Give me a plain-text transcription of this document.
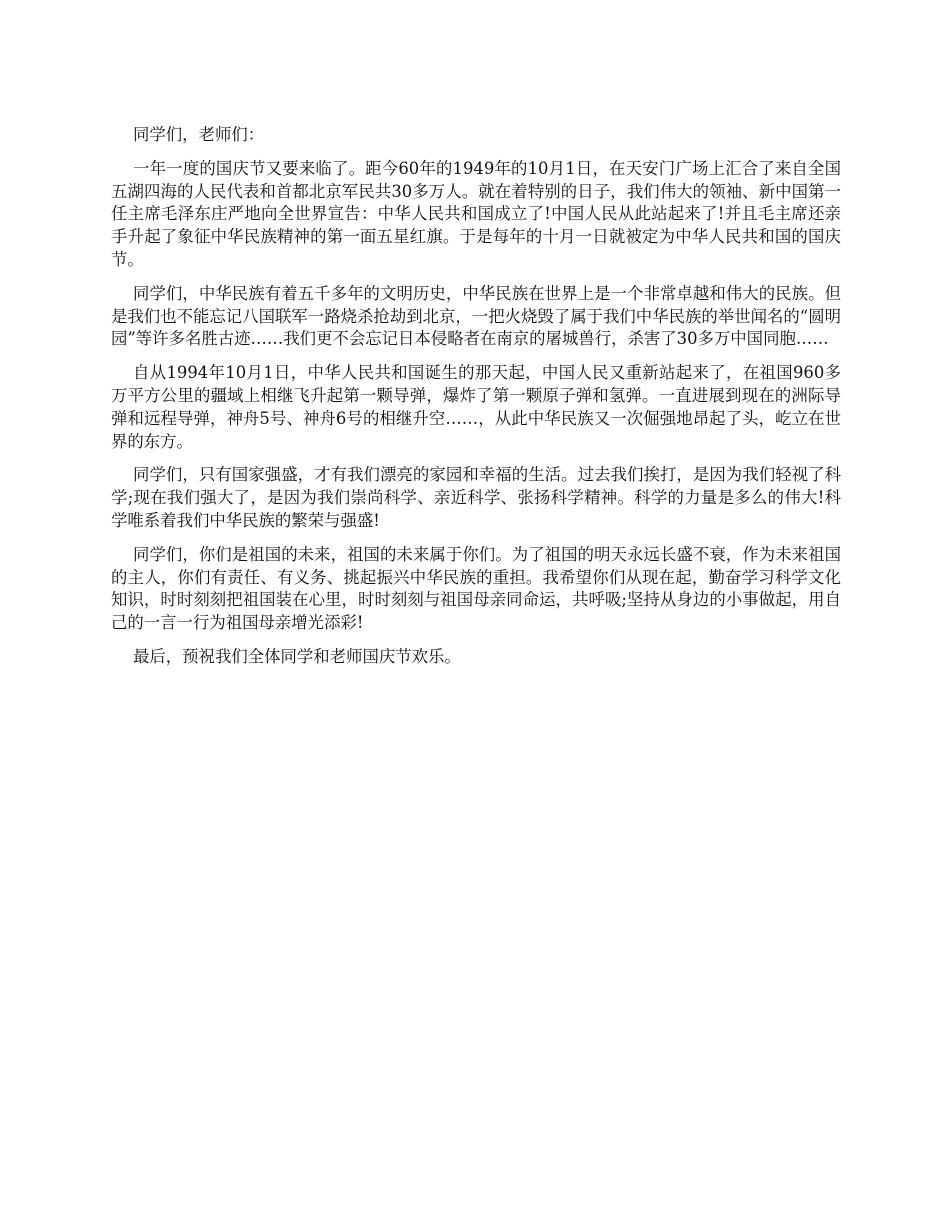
同学们，老师们：

一年一度的国庆节又要来临了。距今60年的1949年的10月1日，在天安门广场上汇合了来自全国五湖四海的人民代表和首都北京军民共30多万人。就在着特别的日子，我们伟大的领袖、新中国第一任主席毛泽东庄严地向全世界宣告：中华人民共和国成立了!中国人民从此站起来了!并且毛主席还亲手升起了象征中华民族精神的第一面五星红旗。于是每年的十月一日就被定为中华人民共和国的国庆节。

同学们，中华民族有着五千多年的文明历史，中华民族在世界上是一个非常卓越和伟大的民族。但是我们也不能忘记八国联军一路烧杀抢劫到北京，一把火烧毁了属于我们中华民族的举世闻名的“圆明园”等许多名胜古迹……我们更不会忘记日本侵略者在南京的屠城兽行，杀害了30多万中国同胞……

自从1994年10月1日，中华人民共和国诞生的那天起，中国人民又重新站起来了，在祖国960多万平方公里的疆域上相继飞升起第一颗导弹，爆炸了第一颗原子弹和氢弹。一直进展到现在的洲际导弹和远程导弹，神舟5号、神舟6号的相继升空……，从此中华民族又一次倔强地昂起了头，屹立在世界的东方。

同学们，只有国家强盛，才有我们漂亮的家园和幸福的生活。过去我们挨打，是因为我们轻视了科学;现在我们强大了，是因为我们崇尚科学、亲近科学、张扬科学精神。科学的力量是多么的伟大!科学唯系着我们中华民族的繁荣与强盛!

同学们，你们是祖国的未来，祖国的未来属于你们。为了祖国的明天永远长盛不衰，作为未来祖国的主人，你们有责任、有义务、挑起振兴中华民族的重担。我希望你们从现在起，勤奋学习科学文化知识，时时刻刻把祖国装在心里，时时刻刻与祖国母亲同命运，共呼吸;坚持从身边的小事做起，用自己的一言一行为祖国母亲增光添彩!

最后，预祝我们全体同学和老师国庆节欢乐。
